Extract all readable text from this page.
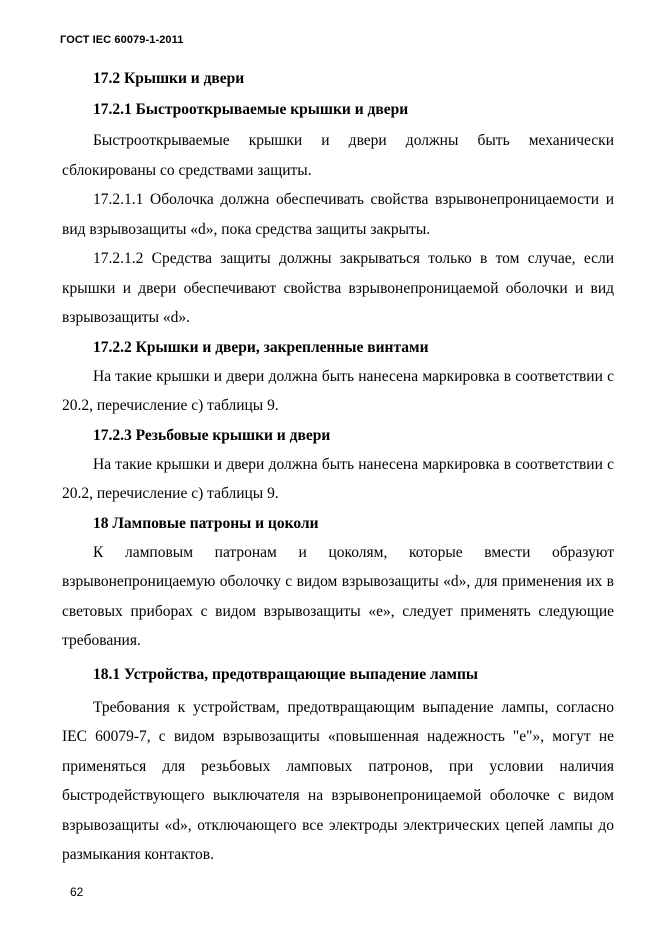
ГОСТ IEC 60079-1-2011

17.2 Крышки и двери

17.2.1 Быстрооткрываемые крышки и двери

Быстрооткрываемые крышки и двери должны быть механически сблокированы со средствами защиты.

17.2.1.1 Оболочка должна обеспечивать свойства взрывонепроницаемости и вид взрывозащиты «d», пока средства защиты закрыты.

17.2.1.2 Средства защиты должны закрываться только в том случае, если крышки и двери обеспечивают свойства взрывонепроницаемой оболочки и вид взрывозащиты «d».

17.2.2 Крышки и двери, закрепленные винтами

На такие крышки и двери должна быть нанесена маркировка в соответствии с 20.2, перечисление с) таблицы 9.

17.2.3 Резьбовые крышки и двери

На такие крышки и двери должна быть нанесена маркировка в соответствии с 20.2, перечисление с) таблицы 9.

18 Ламповые патроны и цоколи

К ламповым патронам и цоколям, которые вмести образуют взрывонепроницаемую оболочку с видом взрывозащиты «d», для применения их в световых приборах с видом взрывозащиты «е», следует применять следующие требования.

18.1 Устройства, предотвращающие выпадение лампы

Требования к устройствам, предотвращающим выпадение лампы, согласно IEC 60079-7, с видом взрывозащиты «повышенная надежность "е"», могут не применяться для резьбовых ламповых патронов, при условии наличия быстродействующего выключателя на взрывонепроницаемой оболочке с видом взрывозащиты «d», отключающего все электроды электрических цепей лампы до размыкания контактов.

62
